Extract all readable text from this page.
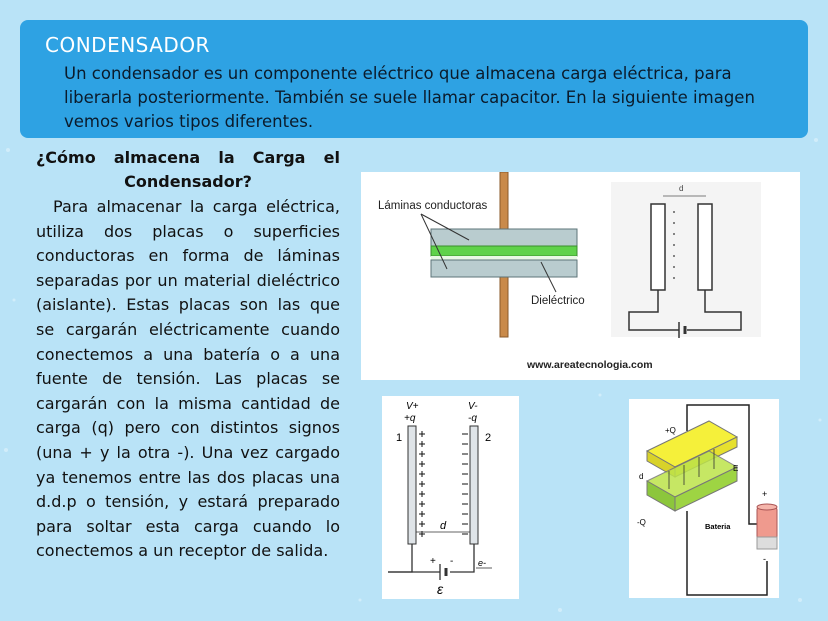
CONDENSADOR
Un condensador es un componente eléctrico que almacena carga eléctrica, para liberarla posteriormente. También se suele llamar capacitor. En la siguiente imagen vemos varios tipos diferentes.
¿Cómo almacena la Carga el
Condensador?
Para almacenar la carga eléctrica, utiliza dos placas o superficies conductoras en forma de láminas separadas por un material dieléctrico (aislante). Estas placas son las que se cargarán eléctricamente cuando conectemos a una batería o a una fuente de tensión. Las placas se cargarán con la misma cantidad de carga (q) pero con distintos signos (una + y la otra -). Una vez cargado ya tenemos entre las dos placas una d.d.p o tensión, y estará preparado para soltar esta carga cuando lo conectemos a un receptor de salida.
Láminas conductoras
Dieléctrico
www.areatecnologia.com
d
V+
+q
V-
-q
1	2
d
+ -
ε
e-
+Q
-Q
E
d
Bateria
+
-
